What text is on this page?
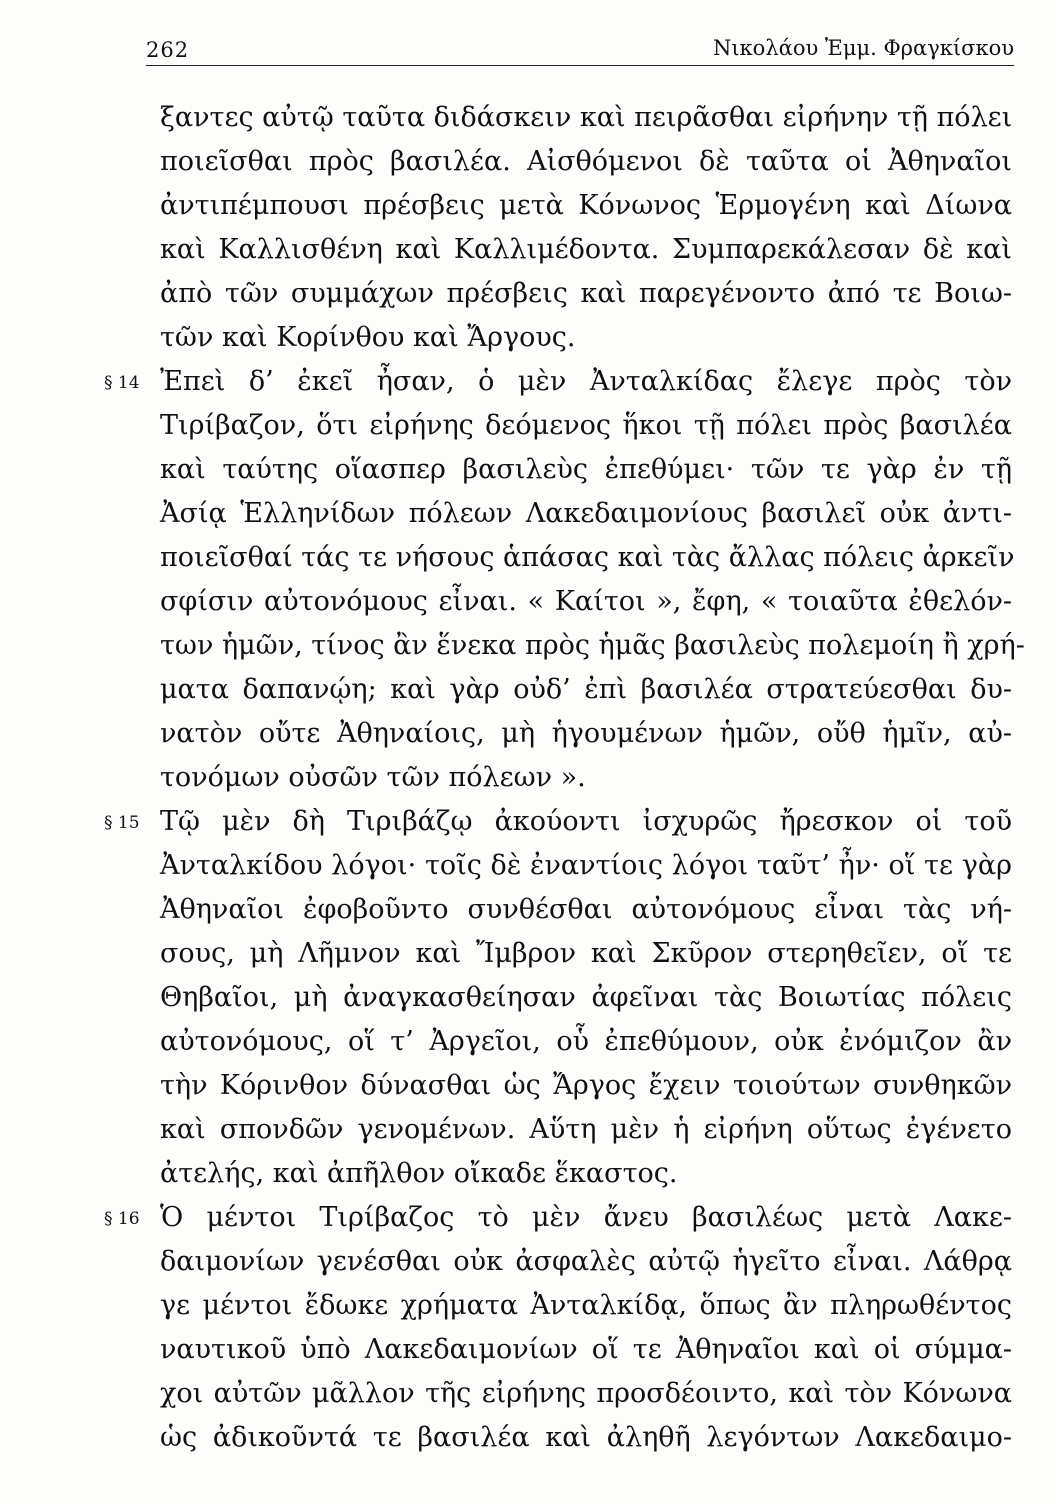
262	Νικολάου Ἐμμ. Φραγκίσκου
ξαντες αὐτῷ ταῦτα διδάσκειν καὶ πειρᾶσθαι εἰρήνην τῇ πόλει
ποιεῖσθαι πρὸς βασιλέα. Αἰσθόμενοι δὲ ταῦτα οἱ Ἀθηναῖοι
ἀντιπέμπουσι πρέσβεις μετὰ Κόνωνος Ἑρμογένη καὶ Δίωνα
καὶ Καλλισθένη καὶ Καλλιμέδοντα. Συμπαρεκάλεσαν δὲ καὶ
ἀπὸ τῶν συμμάχων πρέσβεις καὶ παρεγένοντο ἀπό τε Βοιω-
τῶν καὶ Κορίνθου καὶ Ἄργους.
Ἐπεὶ δ’ ἐκεῖ ἦσαν, ὁ μὲν Ἀνταλκίδας ἔλεγε πρὸς τὸν
Τιρίβαζον, ὅτι εἰρήνης δεόμενος ἥκοι τῇ πόλει πρὸς βασιλέα
καὶ ταύτης οἵασπερ βασιλεὺς ἐπεθύμει· τῶν τε γὰρ ἐν τῇ
Ἀσίᾳ Ἑλληνίδων πόλεων Λακεδαιμονίους βασιλεῖ οὐκ ἀντι-
ποιεῖσθαί τάς τε νήσους ἁπάσας καὶ τὰς ἄλλας πόλεις ἀρκεῖν
σφίσιν αὐτονόμους εἶναι. « Καίτοι », ἔφη, « τοιαῦτα ἐθελόν-
των ἡμῶν, τίνος ἂν ἕνεκα πρὸς ἡμᾶς βασιλεὺς πολεμοίη ἢ χρή-
ματα δαπανῴη; καὶ γὰρ οὐδ’ ἐπὶ βασιλέα στρατεύεσθαι δυ-
νατὸν οὔτε Ἀθηναίοις, μὴ ἡγουμένων ἡμῶν, οὔθ ἡμῖν, αὐ-
τονόμων οὐσῶν τῶν πόλεων ».
Τῷ μὲν δὴ Τιριβάζῳ ἀκούοντι ἰσχυρῶς ἤρεσκον οἱ τοῦ
Ἀνταλκίδου λόγοι· τοῖς δὲ ἐναντίοις λόγοι ταῦτ’ ἦν· οἵ τε γὰρ
Ἀθηναῖοι ἐφοβοῦντο συνθέσθαι αὐτονόμους εἶναι τὰς νή-
σους, μὴ Λῆμνον καὶ Ἴμβρον καὶ Σκῦρον στερηθεῖεν, οἵ τε
Θηβαῖοι, μὴ ἀναγκασθείησαν ἀφεῖναι τὰς Βοιωτίας πόλεις
αὐτονόμους, οἵ τ’ Ἀργεῖοι, οὗ ἐπεθύμουν, οὐκ ἐνόμιζον ἂν
τὴν Κόρινθον δύνασθαι ὡς Ἄργος ἔχειν τοιούτων συνθηκῶν
καὶ σπονδῶν γενομένων. Αὕτη μὲν ἡ εἰρήνη οὕτως ἐγένετο
ἀτελής, καὶ ἀπῆλθον οἴκαδε ἕκαστος.
Ὁ μέντοι Τιρίβαζος τὸ μὲν ἄνευ βασιλέως μετὰ Λακε-
δαιμονίων γενέσθαι οὐκ ἀσφαλὲς αὐτῷ ἡγεῖτο εἶναι. Λάθρᾳ
γε μέντοι ἔδωκε χρήματα Ἀνταλκίδᾳ, ὅπως ἂν πληρωθέντος
ναυτικοῦ ὑπὸ Λακεδαιμονίων οἵ τε Ἀθηναῖοι καὶ οἱ σύμμα-
χοι αὐτῶν μᾶλλον τῆς εἰρήνης προσδέοιντο, καὶ τὸν Κόνωνα
ὡς ἀδικοῦντά τε βασιλέα καὶ ἀληθῆ λεγόντων Λακεδαιμο-
§ 14
§ 15
§ 16
